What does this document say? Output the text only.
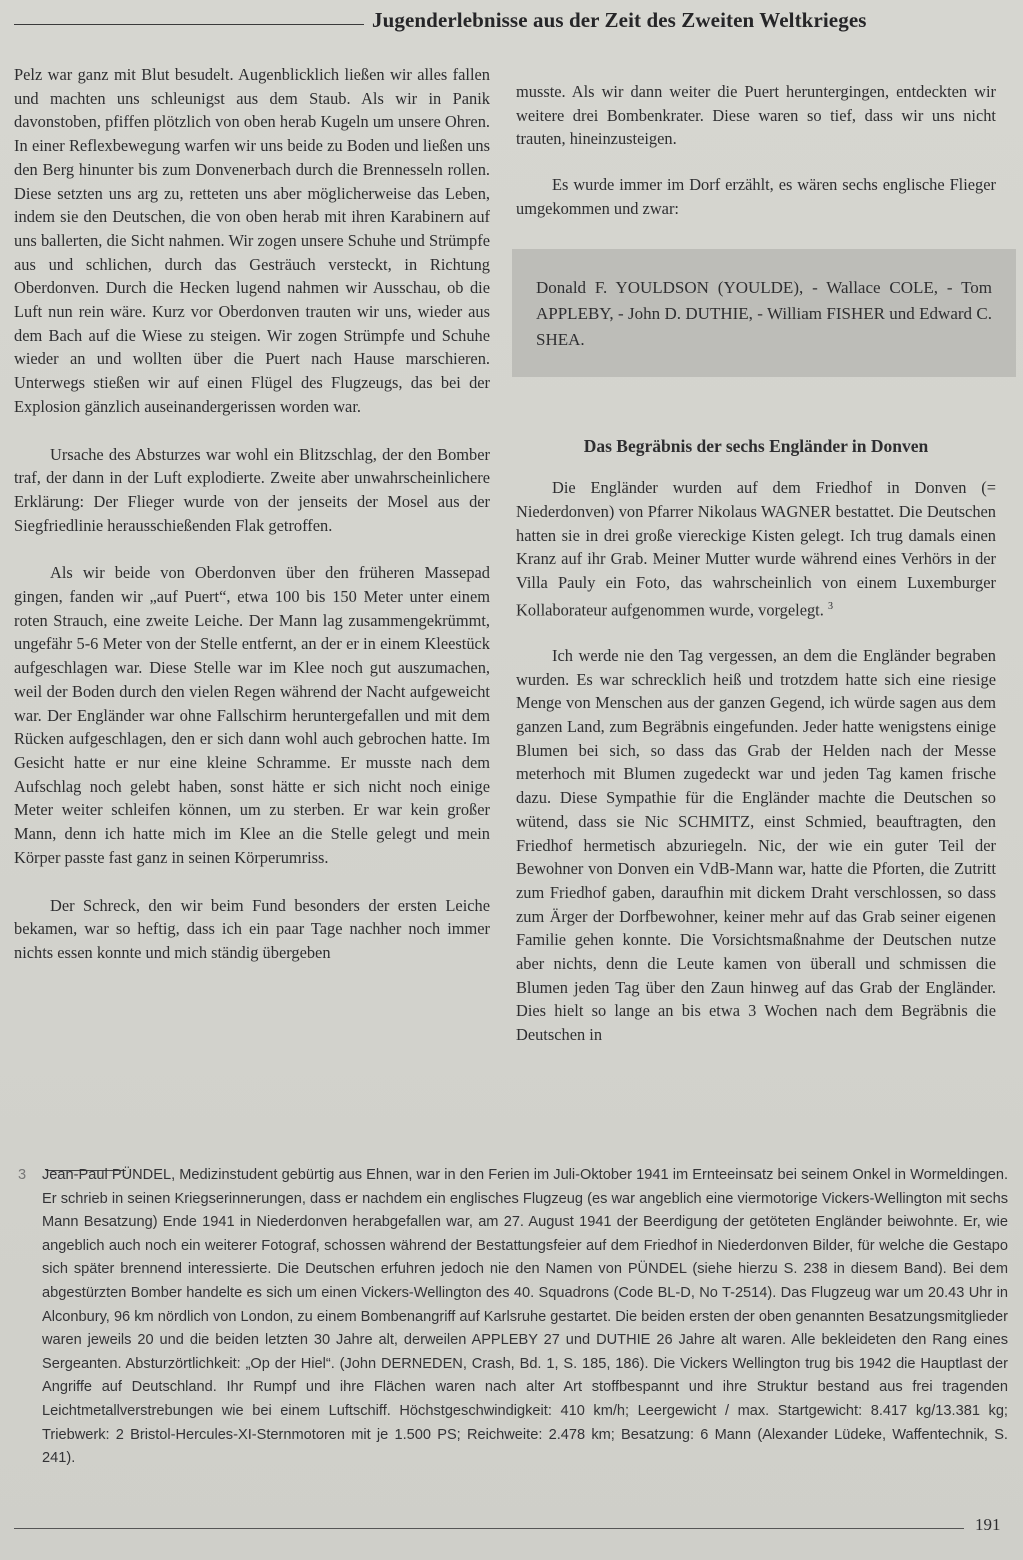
Jugenderlebnisse aus der Zeit des Zweiten Weltkrieges

Pelz war ganz mit Blut besudelt. Augenblicklich ließen wir alles fallen und machten uns schleunigst aus dem Staub. Als wir in Panik davonstoben, pfiffen plötzlich von oben herab Kugeln um unsere Ohren. In einer Reflexbewegung warfen wir uns beide zu Boden und ließen uns den Berg hinunter bis zum Donvenerbach durch die Brennesseln rollen. Diese setzten uns arg zu, retteten uns aber möglicherweise das Leben, indem sie den Deutschen, die von oben herab mit ihren Karabinern auf uns ballerten, die Sicht nahmen. Wir zogen unsere Schuhe und Strümpfe aus und schlichen, durch das Gesträuch versteckt, in Richtung Oberdonven. Durch die Hecken lugend nahmen wir Ausschau, ob die Luft nun rein wäre. Kurz vor Oberdonven trauten wir uns, wieder aus dem Bach auf die Wiese zu steigen. Wir zogen Strümpfe und Schuhe wieder an und wollten über die Puert nach Hause marschieren. Unterwegs stießen wir auf einen Flügel des Flugzeugs, das bei der Explosion gänzlich auseinandergerissen worden war.

Ursache des Absturzes war wohl ein Blitzschlag, der den Bomber traf, der dann in der Luft explodierte. Zweite aber unwahrscheinlichere Erklärung: Der Flieger wurde von der jenseits der Mosel aus der Siegfriedlinie herausschießenden Flak getroffen.

Als wir beide von Oberdonven über den früheren Massepad gingen, fanden wir „auf Puert“, etwa 100 bis 150 Meter unter einem roten Strauch, eine zweite Leiche. Der Mann lag zusammengekrümmt, ungefähr 5-6 Meter von der Stelle entfernt, an der er in einem Kleestück aufgeschlagen war. Diese Stelle war im Klee noch gut auszumachen, weil der Boden durch den vielen Regen während der Nacht aufgeweicht war. Der Engländer war ohne Fallschirm heruntergefallen und mit dem Rücken aufgeschlagen, den er sich dann wohl auch gebrochen hatte. Im Gesicht hatte er nur eine kleine Schramme. Er musste nach dem Aufschlag noch gelebt haben, sonst hätte er sich nicht noch einige Meter weiter schleifen können, um zu sterben. Er war kein großer Mann, denn ich hatte mich im Klee an die Stelle gelegt und mein Körper passte fast ganz in seinen Körperumriss.

Der Schreck, den wir beim Fund besonders der ersten Leiche bekamen, war so heftig, dass ich ein paar Tage nachher noch immer nichts essen konnte und mich ständig übergeben

musste. Als wir dann weiter die Puert heruntergingen, entdeckten wir weitere drei Bombenkrater. Diese waren so tief, dass wir uns nicht trauten, hineinzusteigen.

Es wurde immer im Dorf erzählt, es wären sechs englische Flieger umgekommen und zwar:

Donald F. YOULDSON (YOULDE), - Wallace COLE, - Tom APPLEBY, - John D. DUTHIE, - William FISHER und Edward C. SHEA.
Das Begräbnis der sechs Engländer in Donven

Die Engländer wurden auf dem Friedhof in Donven (= Niederdonven) von Pfarrer Nikolaus WAGNER bestattet. Die Deutschen hatten sie in drei große viereckige Kisten gelegt. Ich trug damals einen Kranz auf ihr Grab. Meiner Mutter wurde während eines Verhörs in der Villa Pauly ein Foto, das wahrscheinlich von einem Luxemburger Kollaborateur aufgenommen wurde, vorgelegt. $^3$

Ich werde nie den Tag vergessen, an dem die Engländer begraben wurden. Es war schrecklich heiß und trotzdem hatte sich eine riesige Menge von Menschen aus der ganzen Gegend, ich würde sagen aus dem ganzen Land, zum Begräbnis eingefunden. Jeder hatte wenigstens einige Blumen bei sich, so dass das Grab der Helden nach der Messe meterhoch mit Blumen zugedeckt war und jeden Tag kamen frische dazu. Diese Sympathie für die Engländer machte die Deutschen so wütend, dass sie Nic SCHMITZ, einst Schmied, beauftragten, den Friedhof hermetisch abzuriegeln. Nic, der wie ein guter Teil der Bewohner von Donven ein VdB-Mann war, hatte die Pforten, die Zutritt zum Friedhof gaben, daraufhin mit dickem Draht verschlossen, so dass zum Ärger der Dorfbewohner, keiner mehr auf das Grab seiner eigenen Familie gehen konnte. Die Vorsichtsmaßnahme der Deutschen nutze aber nichts, denn die Leute kamen von überall und schmissen die Blumen jeden Tag über den Zaun hinweg auf das Grab der Engländer. Dies hielt so lange an bis etwa 3 Wochen nach dem Begräbnis die Deutschen in

3 Jean-Paul PÜNDEL, Medizinstudent gebürtig aus Ehnen, war in den Ferien im Juli-Oktober 1941 im Ernteeinsatz bei seinem Onkel in Wormeldingen. Er schrieb in seinen Kriegserinnerungen, dass er nachdem ein englisches Flugzeug (es war angeblich eine viermotorige Vickers-Wellington mit sechs Mann Besatzung) Ende 1941 in Niederdonven herabgefallen war, am 27. August 1941 der Beerdigung der getöteten Engländer beiwohnte. Er, wie angeblich auch noch ein weiterer Fotograf, schossen während der Bestattungsfeier auf dem Friedhof in Niederdonven Bilder, für welche die Gestapo sich später brennend interessierte. Die Deutschen erfuhren jedoch nie den Namen von PÜNDEL (siehe hierzu S. 238 in diesem Band). Bei dem abgestürzten Bomber handelte es sich um einen Vickers-Wellington des 40. Squadrons (Code BL-D, No T-2514). Das Flugzeug war um 20.43 Uhr in Alconbury, 96 km nördlich von London, zu einem Bombenangriff auf Karlsruhe gestartet. Die beiden ersten der oben genannten Besatzungsmitglieder waren jeweils 20 und die beiden letzten 30 Jahre alt, derweilen APPLEBY 27 und DUTHIE 26 Jahre alt waren. Alle bekleideten den Rang eines Sergeanten. Absturzörtlichkeit: „Op der Hiel“. (John DERNEDEN, Crash, Bd. 1, S. 185, 186). Die Vickers Wellington trug bis 1942 die Hauptlast der Angriffe auf Deutschland. Ihr Rumpf und ihre Flächen waren nach alter Art stoffbespannt und ihre Struktur bestand aus frei tragenden Leichtmetallverstrebungen wie bei einem Luftschiff. Höchstgeschwindigkeit: 410 km/h; Leergewicht / max. Startgewicht: 8.417 kg/13.381 kg; Triebwerk: 2 Bristol-Hercules-XI-Sternmotoren mit je 1.500 PS; Reichweite: 2.478 km; Besatzung: 6 Mann (Alexander Lüdeke, Waffentechnik, S. 241).
191
